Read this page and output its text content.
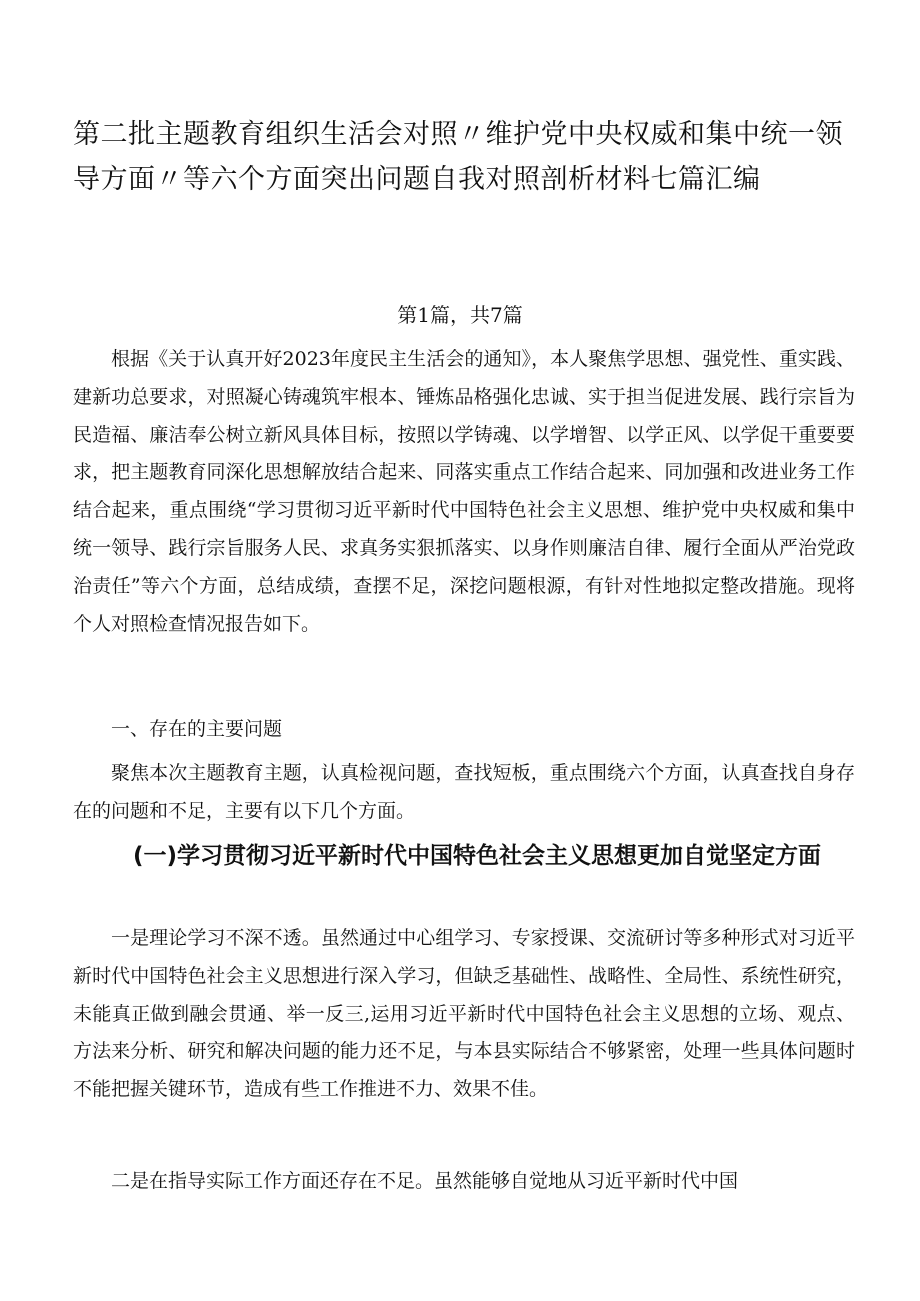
第二批主题教育组织生活会对照〃维护党中央权威和集中统一领导方面〃等六个方面突出问题自我对照剖析材料七篇汇编
第1篇，共7篇

根据《关于认真开好2023年度民主生活会的通知》，本人聚焦学思想、强党性、重实践、建新功总要求，对照凝心铸魂筑牢根本、锤炼品格强化忠诚、实于担当促进发展、践行宗旨为民造福、廉洁奉公树立新风具体目标，按照以学铸魂、以学增智、以学正风、以学促干重要要求，把主题教育同深化思想解放结合起来、同落实重点工作结合起来、同加强和改进业务工作结合起来，重点围绕“学习贯彻习近平新时代中国特色社会主义思想、维护党中央权威和集中统一领导、践行宗旨服务人民、求真务实狠抓落实、以身作则廉洁自律、履行全面从严治党政治责任”等六个方面，总结成绩，查摆不足，深挖问题根源，有针对性地拟定整改措施。现将个人对照检查情况报告如下。

一、存在的主要问题

聚焦本次主题教育主题，认真检视问题，查找短板，重点围绕六个方面，认真查找自身存在的问题和不足，主要有以下几个方面。

(一)学习贯彻习近平新时代中国特色社会主义思想更加自觉坚定方面

一是理论学习不深不透。虽然通过中心组学习、专家授课、交流研讨等多种形式对习近平新时代中国特色社会主义思想进行深入学习，但缺乏基础性、战略性、全局性、系统性研究，未能真正做到融会贯通、举一反三,运用习近平新时代中国特色社会主义思想的立场、观点、方法来分析、研究和解决问题的能力还不足，与本县实际结合不够紧密，处理一些具体问题时不能把握关键环节，造成有些工作推进不力、效果不佳。

二是在指导实际工作方面还存在不足。虽然能够自觉地从习近平新时代中国
